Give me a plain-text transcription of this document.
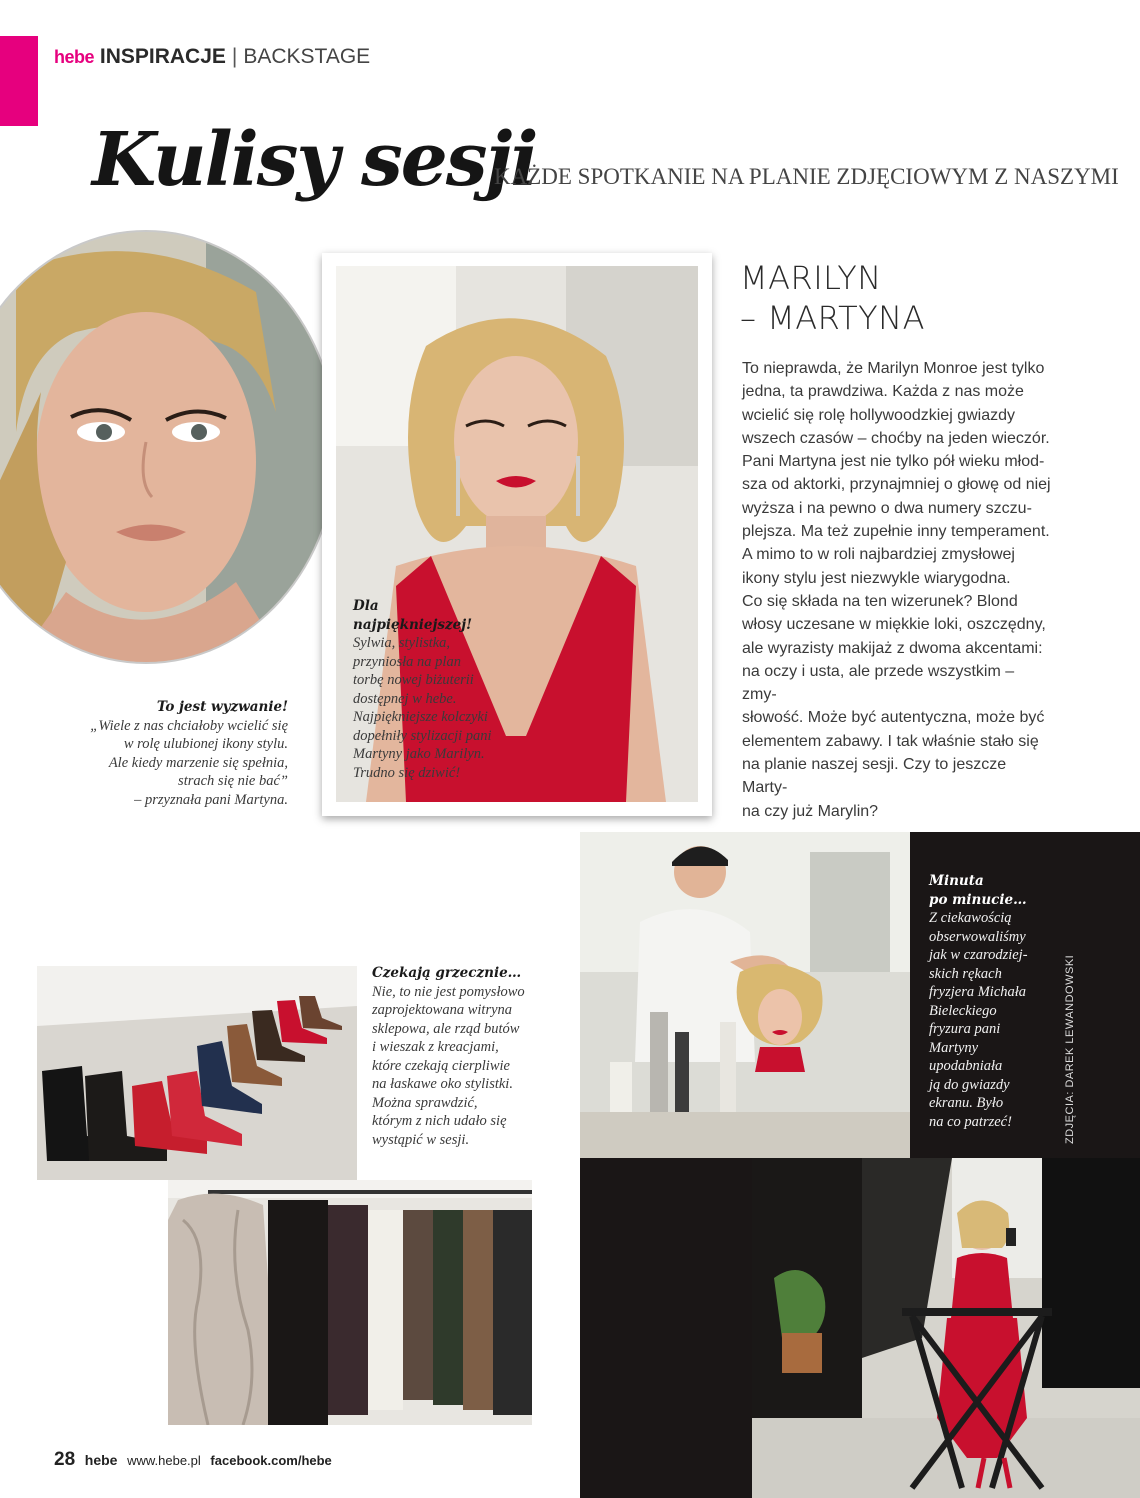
hebe INSPIRACJE | BACKSTAGE
Kulisy sesji
KAŻDE SPOTKANIE NA PLANIE ZDJĘCIOWYM Z NASZYMI
To jest wyzwanie!
„Wiele z nas chciałoby wcielić się
w rolę ulubionej ikony stylu.
Ale kiedy marzenie się spełnia,
strach się nie bać”
– przyznała pani Martyna.
Dla
najpiękniejszej!
Sylwia, stylistka,
przyniosła na plan
torbę nowej biżuterii
dostępnej w hebe.
Najpiękniejsze kolczyki
dopełniły stylizacji pani
Martyny jako Marilyn.
Trudno się dziwić!
MARILYN
– MARTYNA

To nieprawda, że Marilyn Monroe jest tylko

jedna, ta prawdziwa. Każda z nas może

wcielić się rolę hollywoodzkiej gwiazdy

wszech czasów – choćby na jeden wieczór.

Pani Martyna jest nie tylko pół wieku młod-

sza od aktorki, przynajmniej o głowę od niej

wyższa i na pewno o dwa numery szczu-

plejsza. Ma też zupełnie inny temperament.

A mimo to w roli najbardziej zmysłowej

ikony stylu jest niezwykle wiarygodna.

Co się składa na ten wizerunek? Blond

włosy uczesane w miękkie loki, oszczędny,

ale wyrazisty makijaż z dwoma akcentami:

na oczy i usta, ale przede wszystkim – zmy-

słowość. Może być autentyczna, może być

elementem zabawy. I tak właśnie stało się

na planie naszej sesji. Czy to jeszcze Marty-

na czy już Marylin?

Minuta
po minucie…
Z ciekawością
obserwowaliśmy
jak w czarodziej-
skich rękach
fryzjera Michała
Bieleckiego
fryzura pani
Martyny
upodabniała
ją do gwiazdy
ekranu. Było
na co patrzeć!	ZDJĘCIA: DAREK LEWANDOWSKI
Czekają grzecznie…
Nie, to nie jest pomysłowo
zaprojektowana witryna
sklepowa, ale rząd butów
i wieszak z kreacjami,
które czekają cierpliwie
na łaskawe oko stylistki.
Można sprawdzić,
którym z nich udało się
wystąpić w sesji.
28 hebe www.hebe.pl facebook.com/hebe
